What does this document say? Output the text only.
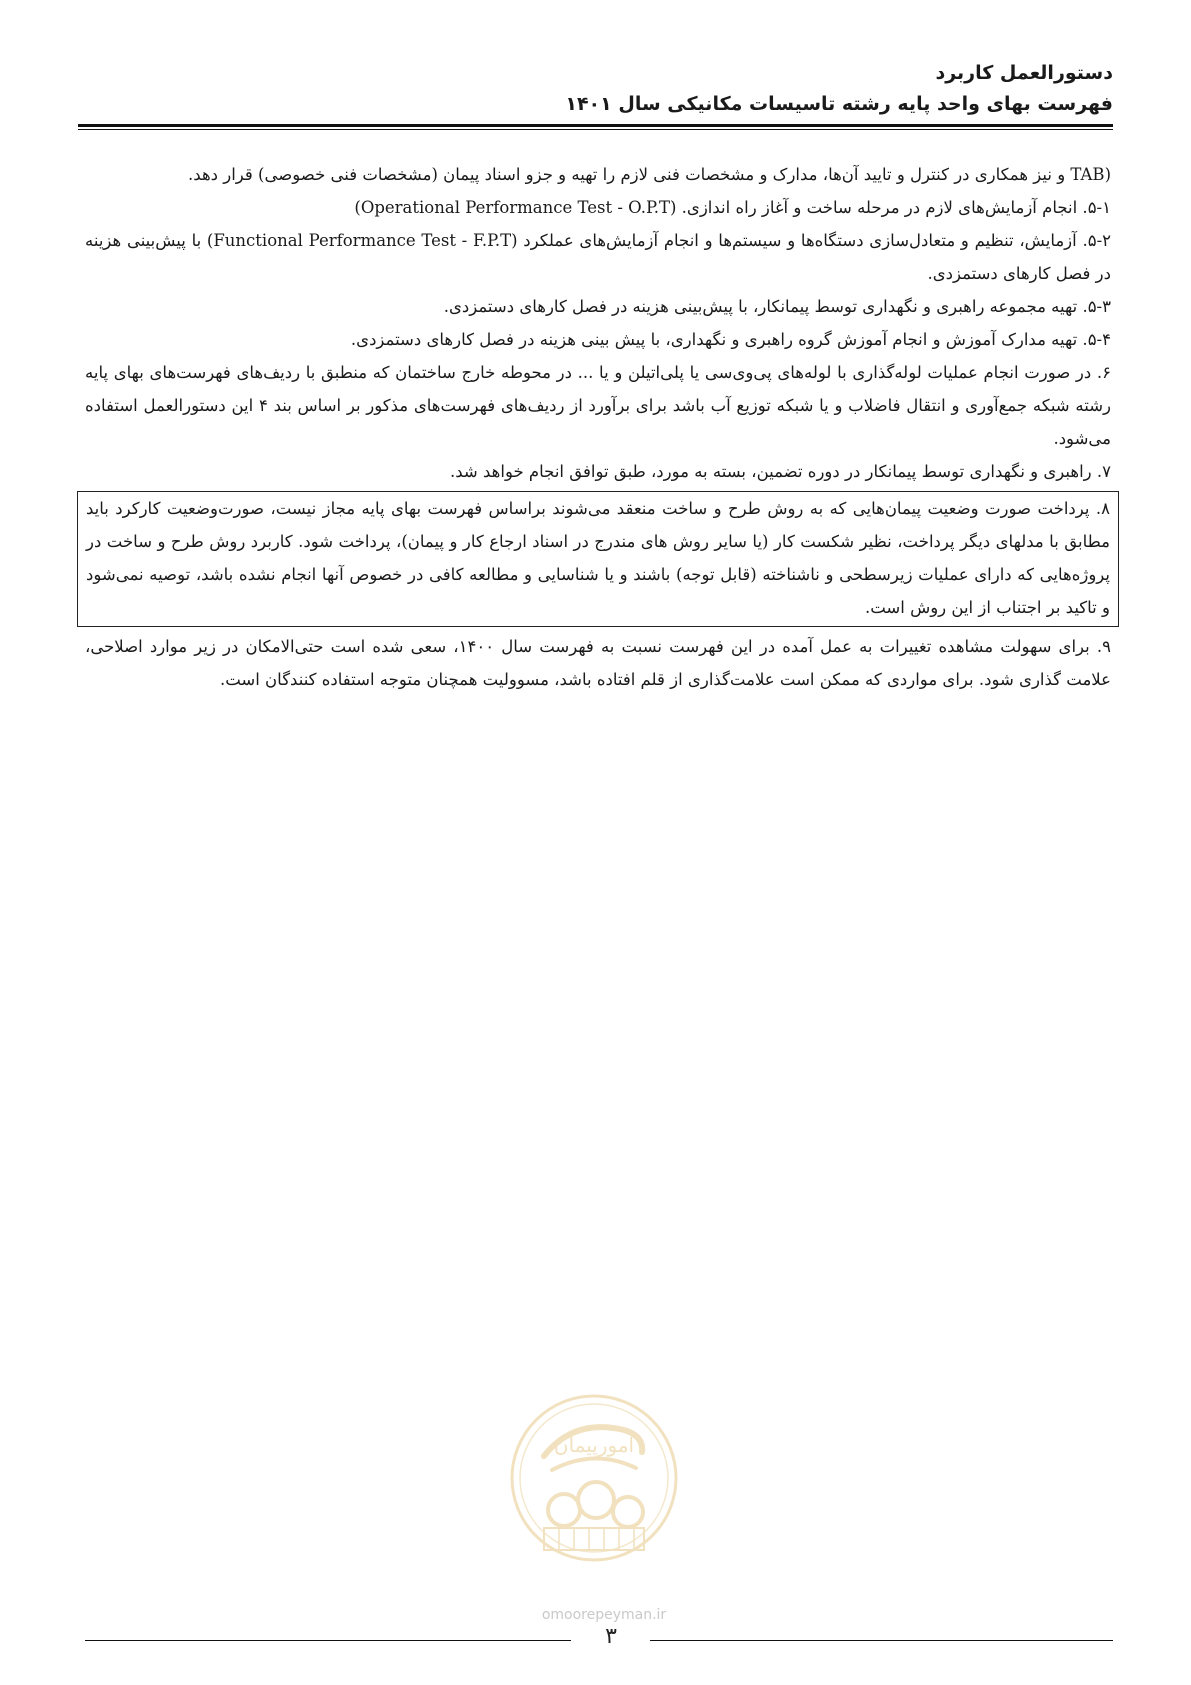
دستورالعمل کاربرد
فهرست بهای واحد پایه رشته تاسیسات مکانیکی سال ۱۴۰۱

(TAB و نیز همکاری در کنترل و تایید آن‌ها، مدارک و مشخصات فنی لازم را تهیه و جزو اسناد پیمان (مشخصات فنی خصوصی) قرار دهد.

۵-۱. انجام آزمایش‌های لازم در مرحله ساخت و آغاز راه اندازی. (Operational Performance Test - O.P.T)

۵-۲. آزمایش، تنظیم و متعادل‌سازی دستگاه‌ها و سیستم‌ها و انجام آزمایش‌های عملکرد (Functional Performance Test - F.P.T) با پیش‌بینی هزینه در فصل کارهای دستمزدی.

۵-۳. تهیه مجموعه راهبری و نگهداری توسط پیمانکار، با پیش‌بینی هزینه در فصل کارهای دستمزدی.

۵-۴. تهیه مدارک آموزش و انجام آموزش گروه راهبری و نگهداری، با پیش بینی هزینه در فصل کارهای دستمزدی.

۶. در صورت انجام عملیات لوله‌گذاری با لوله‌های پی‌وی‌سی یا پلی‌اتیلن و یا ... در محوطه خارج ساختمان که منطبق با ردیف‌های فهرست‌های بهای پایه رشته شبکه جمع‌آوری و انتقال فاضلاب و یا شبکه توزیع آب باشد برای برآورد از ردیف‌های فهرست‌های مذکور بر اساس بند ۴ این دستورالعمل استفاده می‌شود.

۷. راهبری و نگهداری توسط پیمانکار در دوره تضمین، بسته به مورد، طبق توافق انجام خواهد شد.

۸. پرداخت صورت وضعیت پیمان‌هایی که به روش طرح و ساخت منعقد می‌شوند براساس فهرست بهای پایه مجاز نیست، صورت‌وضعیت کارکرد باید مطابق با مدلهای دیگر پرداخت، نظیر شکست کار (یا سایر روش های مندرج در اسناد ارجاع کار و پیمان)، پرداخت شود. کاربرد روش طرح و ساخت در پروژه‌هایی که دارای عملیات زیرسطحی و ناشناخته (قابل توجه) باشند و یا شناسایی و مطالعه کافی در خصوص آنها انجام نشده باشد، توصیه نمی‌شود و تاکید بر اجتناب از این روش است.

۹. برای سهولت مشاهده تغییرات به عمل آمده در این فهرست نسبت به فهرست سال ۱۴۰۰، سعی شده است حتی‌الامکان در زیر موارد اصلاحی، علامت گذاری شود. برای مواردی که ممکن است علامت‌گذاری از قلم افتاده باشد، مسوولیت همچنان متوجه استفاده کنندگان است.

امورپیمان
omoorepeyman.ir
۳
